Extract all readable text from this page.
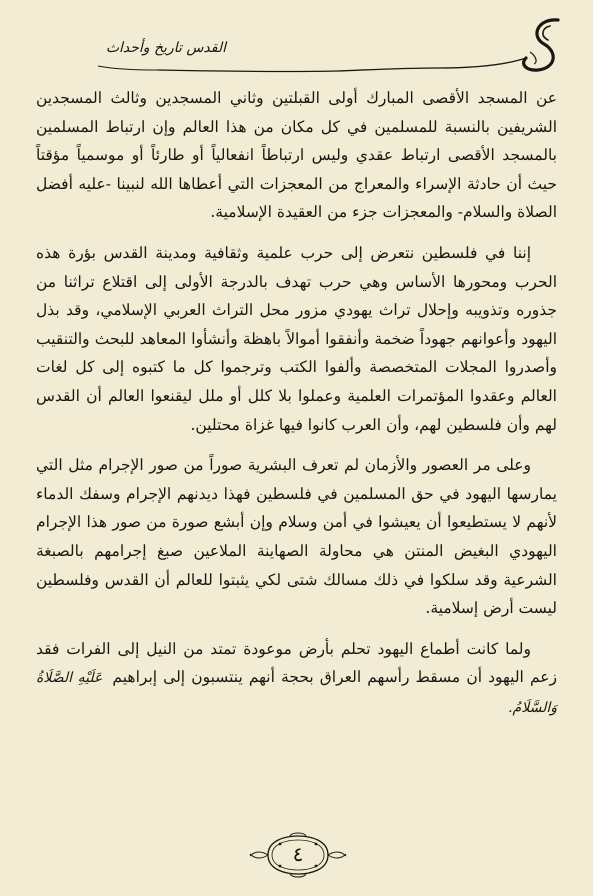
القدس تاريخ وأحداث

عن المسجد الأقصى المبارك أولى القبلتين وثاني المسجدين وثالث المسجدين الشريفين بالنسبة للمسلمين في كل مكان من هذا العالم وإن ارتباط المسلمين بالمسجد الأقصى ارتباط عقدي وليس ارتباطاً انفعالياً أو طارئاً أو موسمياً مؤقتاً حيث أن حادثة الإسراء والمعراج من المعجزات التي أعطاها الله لنبينا -عليه أفضل الصلاة والسلام- والمعجزات جزء من العقيدة الإسلامية.

إننا في فلسطين نتعرض إلى حرب علمية وثقافية ومدينة القدس بؤرة هذه الحرب ومحورها الأساس وهي حرب تهدف بالدرجة الأولى إلى اقتلاع تراثنا من جذوره وتذويبه وإحلال تراث يهودي مزور محل التراث العربي الإسلامي، وقد بذل اليهود وأعوانهم جهوداً ضخمة وأنفقوا أموالاً باهظة وأنشأوا المعاهد للبحث والتنقيب وأصدروا المجلات المتخصصة وألفوا الكتب وترجموا كل ما كتبوه إلى كل لغات العالم وعقدوا المؤتمرات العلمية وعملوا بلا كلل أو ملل ليقنعوا العالم أن القدس لهم وأن فلسطين لهم، وأن العرب كانوا فيها غزاة محتلين.

وعلى مر العصور والأزمان لم تعرف البشرية صوراً من صور الإجرام مثل التي يمارسها اليهود في حق المسلمين في فلسطين فهذا ديدنهم الإجرام وسفك الدماء لأنهم لا يستطيعوا أن يعيشوا في أمن وسلام وإن أبشع صورة من صور هذا الإجرام اليهودي البغيض المنتن هي محاولة الصهاينة الملاعين صبغ إجرامهم بالصبغة الشرعية وقد سلكوا في ذلك مسالك شتى لكي يثبتوا للعالم أن القدس وفلسطين ليست أرض إسلامية.

ولما كانت أطماع اليهود تحلم بأرض موعودة تمتد من النيل إلى الفرات فقد زعم اليهود أن مسقط رأسهم العراق بحجة أنهم ينتسبون إلى إبراهيم عَلَيْهِ الصَّلَاةُ وَالسَّلَامُ.

٤
